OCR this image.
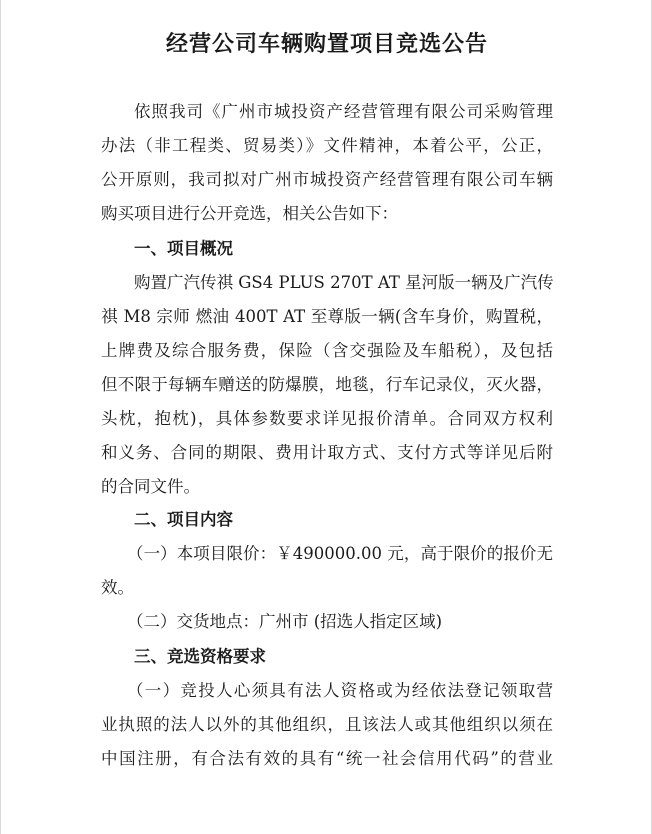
经营公司车辆购置项目竞选公告
依照我司《广州市城投资产经营管理有限公司采购管理
办法（非工程类、贸易类）》文件精神，本着公平，公正，
公开原则，我司拟对广州市城投资产经营管理有限公司车辆
购买项目进行公开竞选，相关公告如下：
一、项目概况
购置广汽传祺 GS4 PLUS 270T AT 星河版一辆及广汽传
祺 M8 宗师 燃油 400T AT 至尊版一辆(含车身价，购置税，
上牌费及综合服务费，保险（含交强险及车船税），及包括
但不限于每辆车赠送的防爆膜，地毯，行车记录仪，灭火器，
头枕，抱枕)，具体参数要求详见报价清单。合同双方权利
和义务、合同的期限、费用计取方式、支付方式等详见后附
的合同文件。
二、项目内容
（一）本项目限价：￥490000.00 元，高于限价的报价无
效。
（二）交货地点：广州市 (招选人指定区域)
三、竞选资格要求
（一）竞投人心须具有法人资格或为经依法登记领取营
业执照的法人以外的其他组织，且该法人或其他组织以须在
中国注册，有合法有效的具有“统一社会信用代码”的营业
